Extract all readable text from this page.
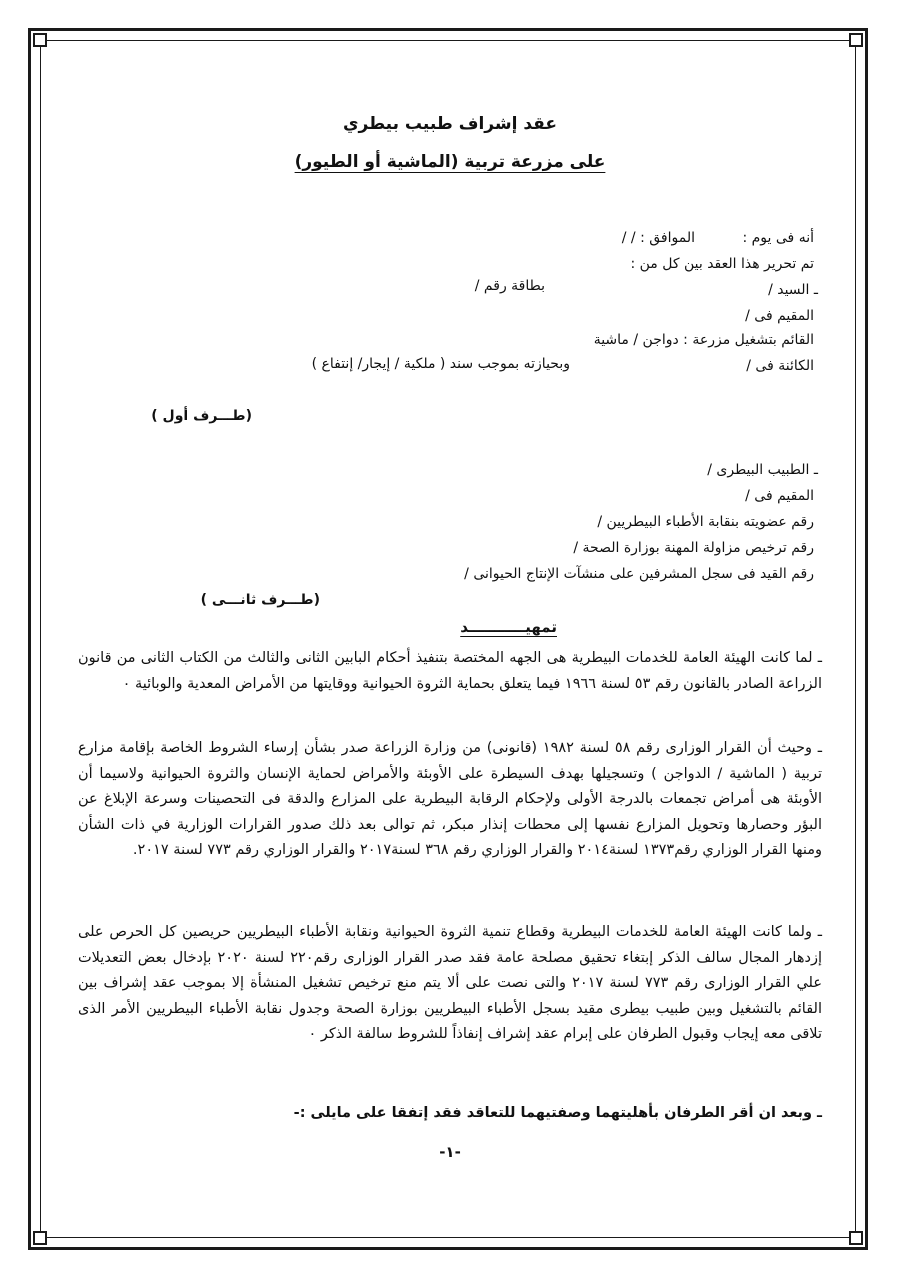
عقد إشراف طبيب بيطري
على مزرعة تربية (الماشية أو الطيور)
أنه فى يوم :
الموافق : / /
تم تحرير هذا العقد بين كل من :
ـ السيد /
بطاقة رقم /
المقيم فى /
القائم بتشغيل مزرعة : دواجن / ماشية
الكائنة فى /
وبحيازته بموجب سند ( ملكية / إيجار/ إنتفاع )
(طـــرف أول )
ـ الطبيب البيطرى /
المقيم فى /
رقم عضويته بنقابة الأطباء البيطريين /
رقم ترخيص مزاولة المهنة بوزارة الصحة /
رقم القيد فى سجل المشرفين على منشآت الإنتاج الحيوانى /
(طـــرف ثانـــى )
تمهيـــــــــــد
ـ لما كانت الهيئة العامة للخدمات البيطرية هى الجهه المختصة بتنفيذ أحكام البابين الثانى والثالث من الكتاب الثانى من قانون الزراعة الصادر بالقانون رقم ٥٣ لسنة ١٩٦٦ فيما يتعلق بحماية الثروة الحيوانية ووقايتها من الأمراض المعدية والوبائية ٠
ـ وحيث أن القرار الوزارى رقم ٥٨ لسنة ١٩٨٢ (قانونى) من وزارة الزراعة صدر بشأن إرساء الشروط الخاصة بإقامة مزارع تربية ( الماشية / الدواجن ) وتسجيلها بهدف السيطرة على الأوبئة والأمراض لحماية الإنسان والثروة الحيوانية ولاسيما أن الأوبئة هى أمراض تجمعات بالدرجة الأولى ولإحكام الرقابة البيطرية على المزارع والدقة فى التحصينات وسرعة الإبلاغ عن البؤر وحصارها وتحويل المزارع نفسها إلى محطات إنذار مبكر، ثم توالى بعد ذلك صدور القرارات الوزارية في ذات الشأن ومنها القرار الوزاري رقم١٣٧٣ لسنة٢٠١٤ والقرار الوزاري رقم ٣٦٨ لسنة٢٠١٧ والقرار الوزاري رقم ٧٧٣ لسنة ٢٠١٧.
ـ ولما كانت الهيئة العامة للخدمات البيطرية وقطاع تنمية الثروة الحيوانية ونقابة الأطباء البيطريين حريصين كل الحرص على إزدهار المجال سالف الذكر إبتغاء تحقيق مصلحة عامة فقد صدر القرار الوزارى رقم٢٢٠ لسنة ٢٠٢٠ بإدخال بعض التعديلات علي القرار الوزارى رقم ٧٧٣ لسنة ٢٠١٧ والتى نصت على ألا يتم منع ترخيص تشغيل المنشأة إلا بموجب عقد إشراف بين القائم بالتشغيل وبين طبيب بيطرى مقيد بسجل الأطباء البيطريين بوزارة الصحة وجدول نقابة الأطباء البيطريين الأمر الذى تلاقى معه إيجاب وقبول الطرفان على إبرام عقد إشراف إنفاذاً للشروط سالفة الذكر ٠
ـ وبعد ان أقر الطرفان بأهليتهما وصفتيهما للتعاقد فقد إتفقا على مايلى :-
-١-
